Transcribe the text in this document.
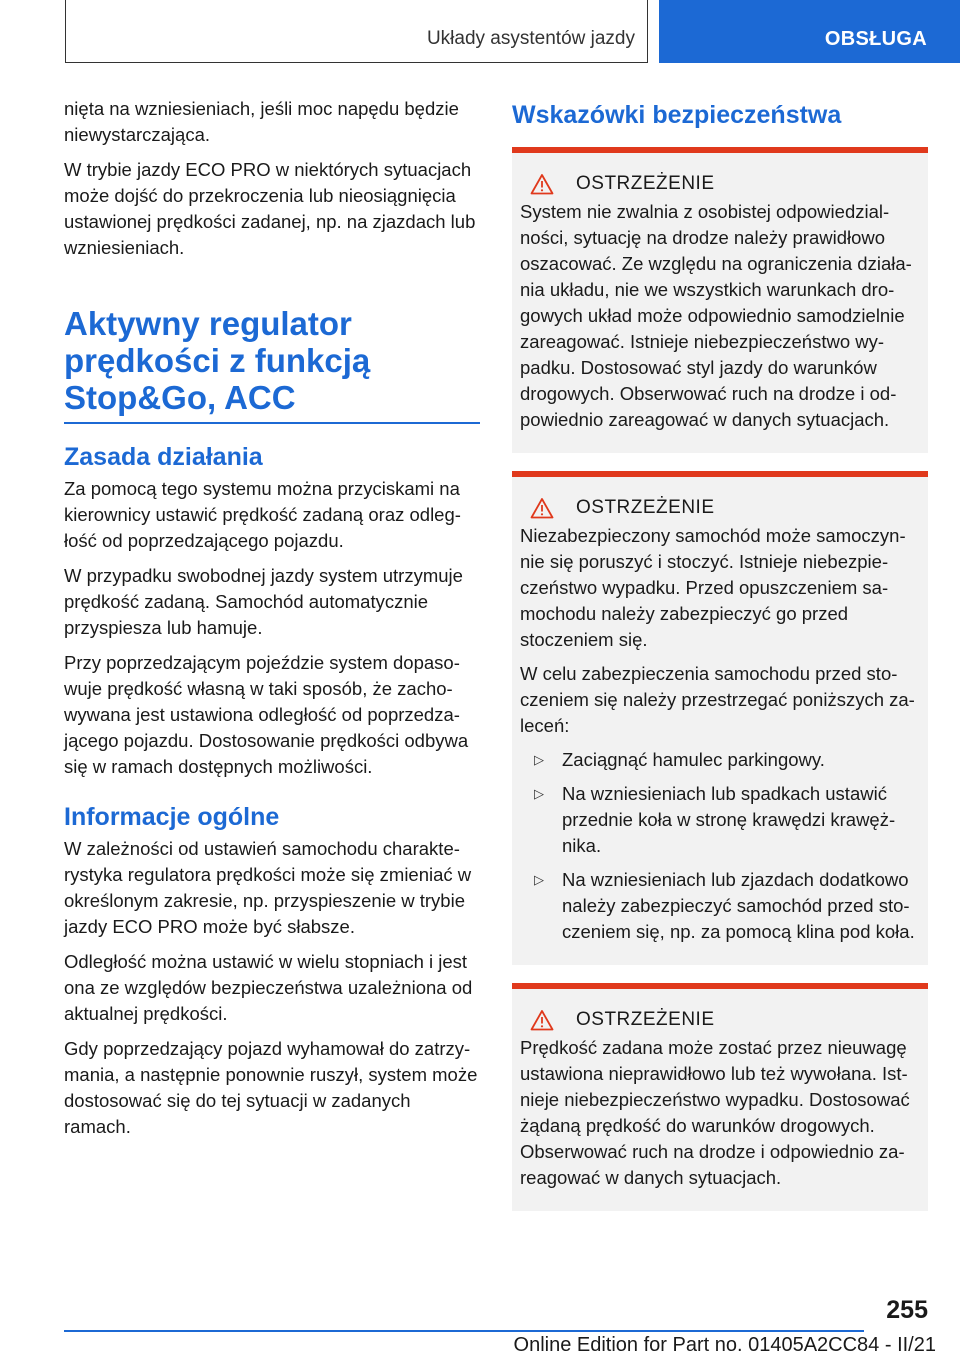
Układy asystentów jazdy	OBSŁUGA

nięta na wzniesieniach, jeśli moc napędu będzie niewystarczająca.

W trybie jazdy ECO PRO w niektórych sytuacjach może dojść do przekroczenia lub nieosiągnięcia ustawionej prędkości zadanej, np. na zjazdach lub wzniesieniach.

Aktywny regulator prędkości z funkcją Stop&Go, ACC
Zasada działania

Za pomocą tego systemu można przyciskami na kierownicy ustawić prędkość zadaną oraz odległość od poprzedzającego pojazdu.

W przypadku swobodnej jazdy system utrzymuje prędkość zadaną. Samochód automatycznie przyspiesza lub hamuje.

Przy poprzedzającym pojeździe system dopasowuje prędkość własną w taki sposób, że zachowywana jest ustawiona odległość od poprzedzającego pojazdu. Dostosowanie prędkości odbywa się w ramach dostępnych możliwości.

Informacje ogólne

W zależności od ustawień samochodu charakterystyka regulatora prędkości może się zmieniać w określonym zakresie, np. przyspieszenie w trybie jazdy ECO PRO może być słabsze.

Odległość można ustawić w wielu stopniach i jest ona ze względów bezpieczeństwa uzależniona od aktualnej prędkości.

Gdy poprzedzający pojazd wyhamował do zatrzymania, a następnie ponownie ruszył, system może dostosować się do tej sytuacji w zadanych ramach.

Wskazówki bezpieczeństwa
OSTRZEŻENIE

System nie zwalnia z osobistej odpowiedzialności, sytuację na drodze należy prawidłowo oszacować. Ze względu na ograniczenia działania układu, nie we wszystkich warunkach drogowych układ może odpowiednio samodzielnie zareagować. Istnieje niebezpieczeństwo wypadku. Dostosować styl jazdy do warunków drogowych. Obserwować ruch na drodze i odpowiednio zareagować w danych sytuacjach.

OSTRZEŻENIE

Niezabezpieczony samochód może samoczynnie się poruszyć i stoczyć. Istnieje niebezpieczeństwo wypadku. Przed opuszczeniem samochodu należy zabezpieczyć go przed stoczeniem się.

W celu zabezpieczenia samochodu przed stoczeniem się należy przestrzegać poniższych zaleceń:

▷ Zaciągnąć hamulec parkingowy.
▷ Na wzniesieniach lub spadkach ustawić przednie koła w stronę krawędzi krawężnika.
▷ Na wzniesieniach lub zjazdach dodatkowo należy zabezpieczyć samochód przed stoczeniem się, np. za pomocą klina pod koła.
OSTRZEŻENIE

Prędkość zadana może zostać przez nieuwagę ustawiona nieprawidłowo lub też wywołana. Istnieje niebezpieczeństwo wypadku. Dostosować żądaną prędkość do warunków drogowych. Obserwować ruch na drodze i odpowiednio zareagować w danych sytuacjach.

255
Online Edition for Part no. 01405A2CC84 - II/21
